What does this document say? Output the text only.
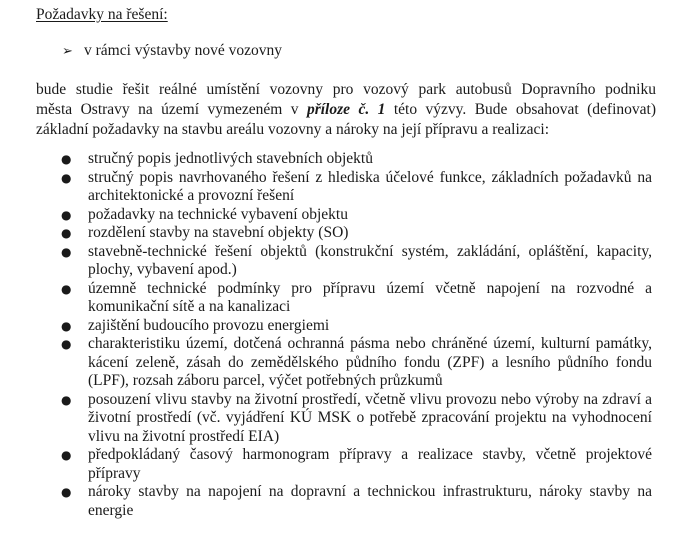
Požadavky na řešení:
➢ v rámci výstavby nové vozovny
bude studie řešit reálné umístění vozovny pro vozový park autobusů Dopravního podniku
města Ostravy na území vymezeném v příloze č. 1 této výzvy. Bude obsahovat (definovat)
základní požadavky na stavbu areálu vozovny a nároky na její přípravu a realizaci:
● stručný popis jednotlivých stavebních objektů
● stručný popis navrhovaného řešení z hlediska účelové funkce, základních požadavků na architektonické a provozní řešení
● požadavky na technické vybavení objektu
● rozdělení stavby na stavební objekty (SO)
● stavebně-technické řešení objektů (konstrukční systém, zakládání, opláštění, kapacity, plochy, vybavení apod.)
● územně technické podmínky pro přípravu území včetně napojení na rozvodné a komunikační sítě a na kanalizaci
● zajištění budoucího provozu energiemi
● charakteristiku území, dotčená ochranná pásma nebo chráněné území, kulturní památky, kácení zeleně, zásah do zemědělského půdního fondu (ZPF) a lesního půdního fondu (LPF), rozsah záboru parcel, výčet potřebných průzkumů
● posouzení vlivu stavby na životní prostředí, včetně vlivu provozu nebo výroby na zdraví a životní prostředí (vč. vyjádření KÚ MSK o potřebě zpracování projektu na vyhodnocení vlivu na životní prostředí EIA)
● předpokládaný časový harmonogram přípravy a realizace stavby, včetně projektové přípravy
● nároky stavby na napojení na dopravní a technickou infrastrukturu, nároky stavby na energie
